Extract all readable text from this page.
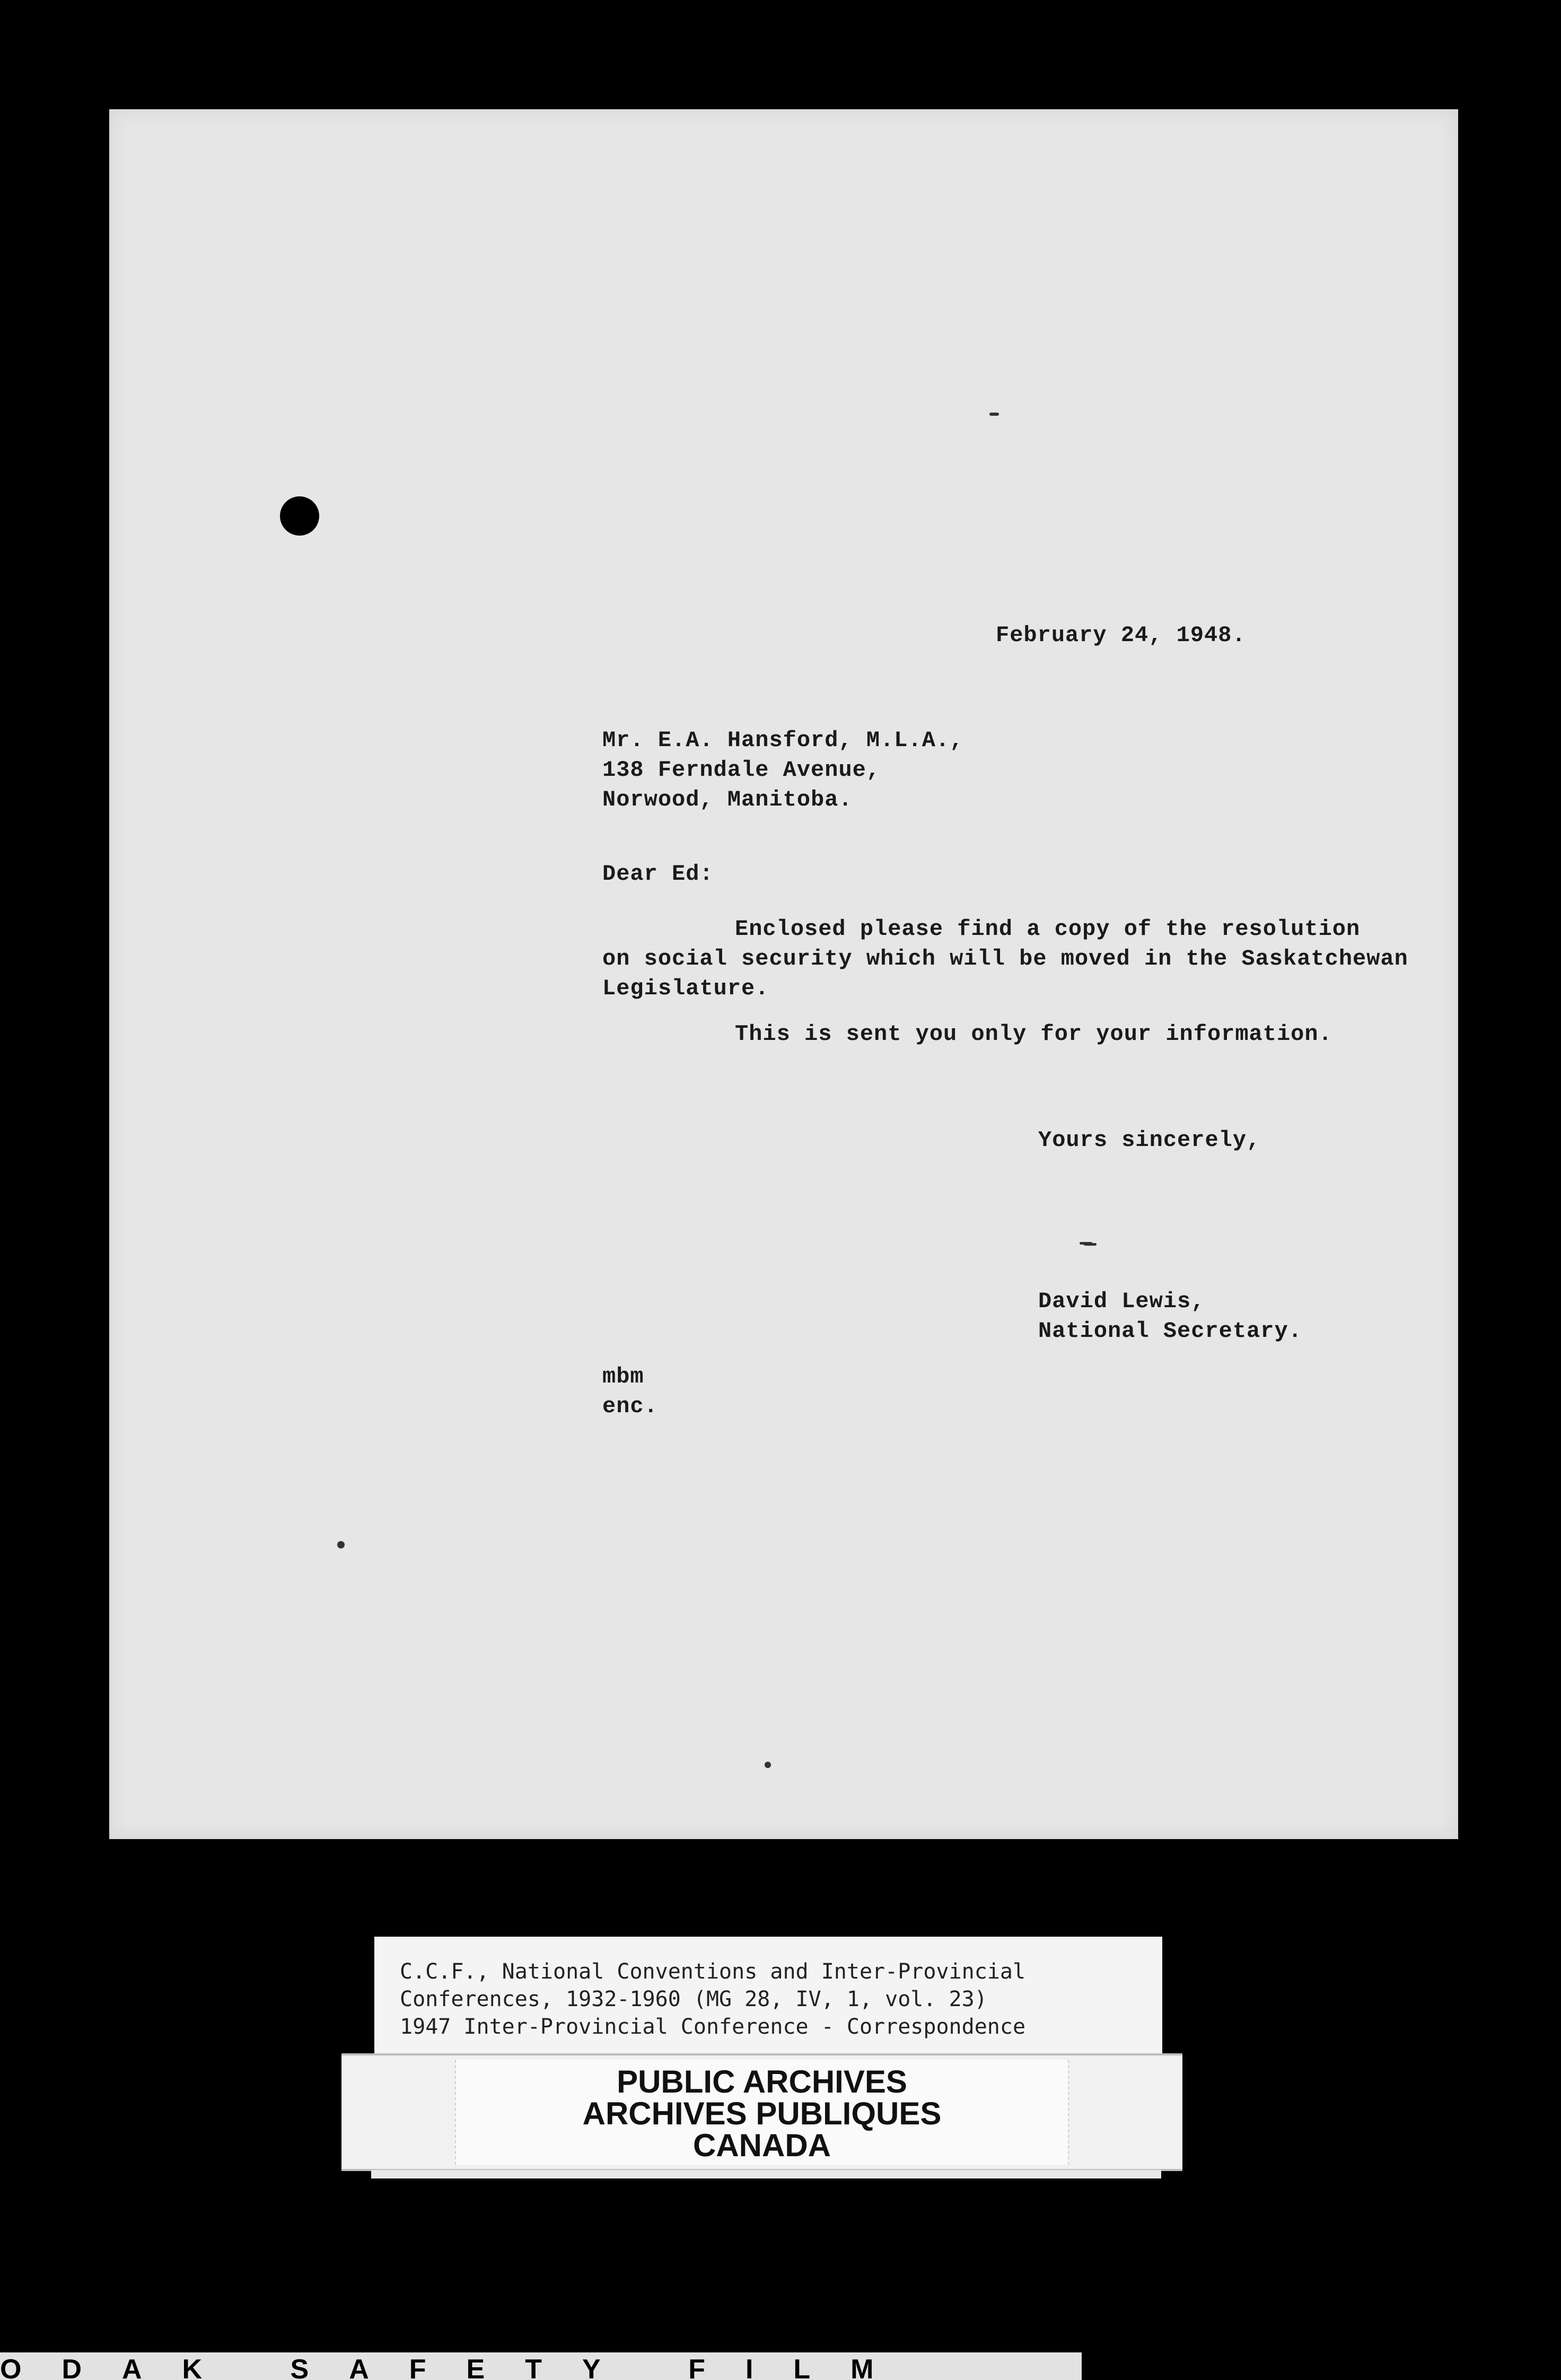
February 24, 1948.
Mr. E.A. Hansford, M.L.A.,
138 Ferndale Avenue,
Norwood, Manitoba.
Dear Ed:
Enclosed please find a copy of the resolution
on social security which will be moved in the Saskatchewan
Legislature.
This is sent you only for your information.
Yours sincerely,
David Lewis,
National Secretary.
mbm
enc.
C.C.F., National Conventions and Inter-Provincial
Conferences, 1932-1960 (MG 28, IV, 1, vol. 23)
1947 Inter-Provincial Conference - Correspondence
PUBLIC ARCHIVES
ARCHIVES PUBLIQUES
CANADA
ODAK SAFETY FILM
